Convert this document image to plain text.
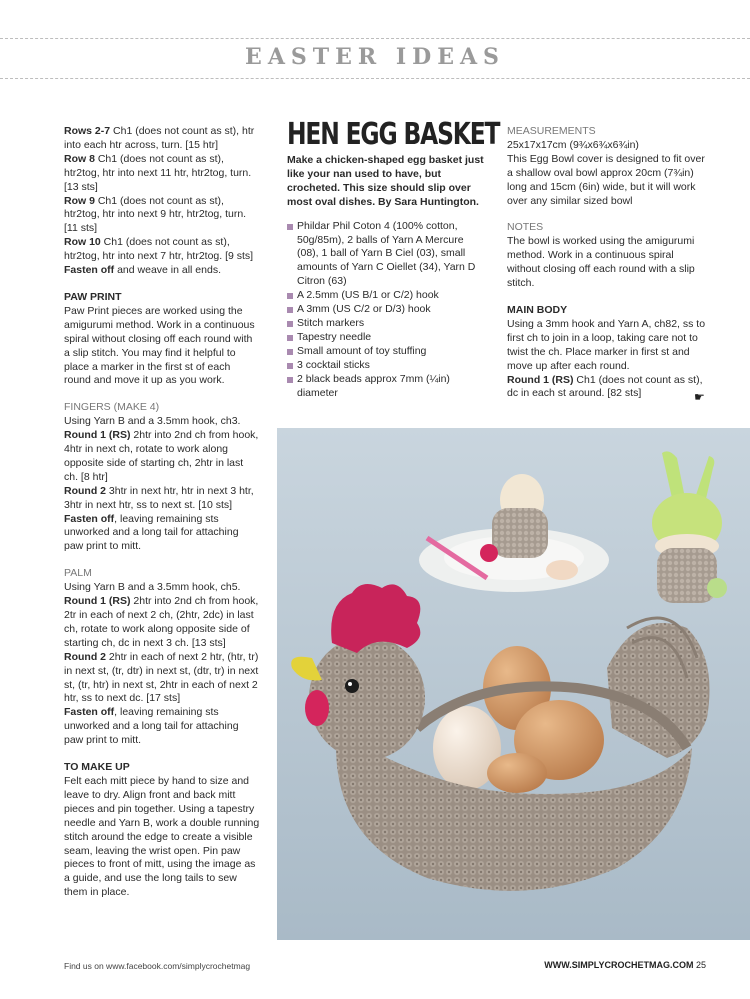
EASTER IDEAS

Rows 2-7 Ch1 (does not count as st), htr into each htr across, turn. [15 htr]

Row 8 Ch1 (does not count as st), htr2tog, htr into next 11 htr, htr2tog, turn. [13 sts]

Row 9 Ch1 (does not count as st), htr2tog, htr into next 9 htr, htr2tog, turn. [11 sts]

Row 10 Ch1 (does not count as st), htr2tog, htr into next 7 htr, htr2tog. [9 sts]

Fasten off and weave in all ends.

PAW PRINT

Paw Print pieces are worked using the amigurumi method. Work in a continuous spiral without closing off each round with a slip stitch. You may find it helpful to place a marker in the first st of each round and move it up as you work.

FINGERS (MAKE 4)

Using Yarn B and a 3.5mm hook, ch3.

Round 1 (RS) 2htr into 2nd ch from hook, 4htr in next ch, rotate to work along opposite side of starting ch, 2htr in last ch. [8 htr]

Round 2 3htr in next htr, htr in next 3 htr, 3htr in next htr, ss to next st. [10 sts]

Fasten off, leaving remaining sts unworked and a long tail for attaching paw print to mitt.

PALM

Using Yarn B and a 3.5mm hook, ch5.

Round 1 (RS) 2htr into 2nd ch from hook, 2tr in each of next 2 ch, (2htr, 2dc) in last ch, rotate to work along opposite side of starting ch, dc in next 3 ch. [13 sts]

Round 2 2htr in each of next 2 htr, (htr, tr) in next st, (tr, dtr) in next st, (dtr, tr) in next st, (tr, htr) in next st, 2htr in each of next 2 htr, ss to next dc. [17 sts]

Fasten off, leaving remaining sts unworked and a long tail for attaching paw print to mitt.

TO MAKE UP

Felt each mitt piece by hand to size and leave to dry. Align front and back mitt pieces and pin together. Using a tapestry needle and Yarn B, work a double running stitch around the edge to create a visible seam, leaving the wrist open. Pin paw pieces to front of mitt, using the image as a guide, and use the long tails to sew them in place.

HEN EGG BASKET

Make a chicken-shaped egg basket just like your nan used to have, but crocheted. This size should slip over most oval dishes. By Sara Huntington.

Phildar Phil Coton 4 (100% cotton, 50g/85m), 2 balls of Yarn A Mercure (08), 1 ball of Yarn B Ciel (03), small amounts of Yarn C Oiellet (34), Yarn D Citron (63)
A 2.5mm (US B/1 or C/2) hook
A 3mm (US C/2 or D/3) hook
Stitch markers
Tapestry needle
Small amount of toy stuffing
3 cocktail sticks
2 black beads approx 7mm (¼in) diameter

MEASUREMENTS

25x17x17cm (9¾x6¾x6¾in)

This Egg Bowl cover is designed to fit over a shallow oval bowl approx 20cm (7¾in) long and 15cm (6in) wide, but it will work over any similar sized bowl

NOTES

The bowl is worked using the amigurumi method. Work in a continuous spiral without closing off each round with a slip stitch.

MAIN BODY

Using a 3mm hook and Yarn A, ch82, ss to first ch to join in a loop, taking care not to twist the ch. Place marker in first st and move up after each round.

Round 1 (RS) Ch1 (does not count as st), dc in each st around. [82 sts]	☛
Find us on www.facebook.com/simplycrochetmag	WWW.SIMPLYCROCHETMAG.COM 25
